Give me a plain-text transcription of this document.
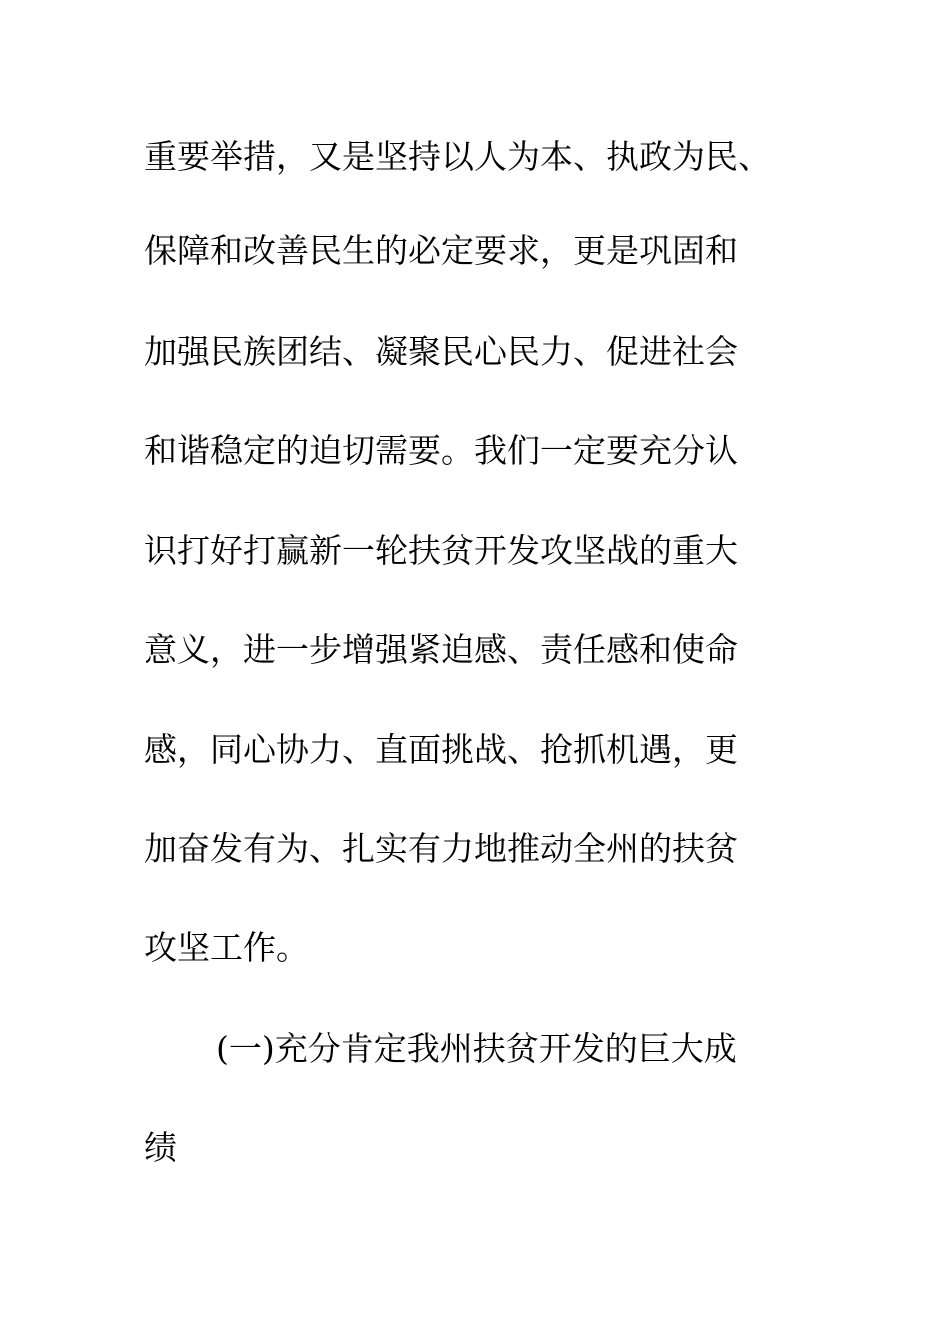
重要举措，又是坚持以人为本、执政为民、
保障和改善民生的必定要求，更是巩固和
加强民族团结、凝聚民心民力、促进社会
和谐稳定的迫切需要。我们一定要充分认
识打好打赢新一轮扶贫开发攻坚战的重大
意义，进一步增强紧迫感、责任感和使命
感，同心协力、直面挑战、抢抓机遇，更
加奋发有为、扎实有力地推动全州的扶贫
攻坚工作。
(一)充分肯定我州扶贫开发的巨大成
绩
